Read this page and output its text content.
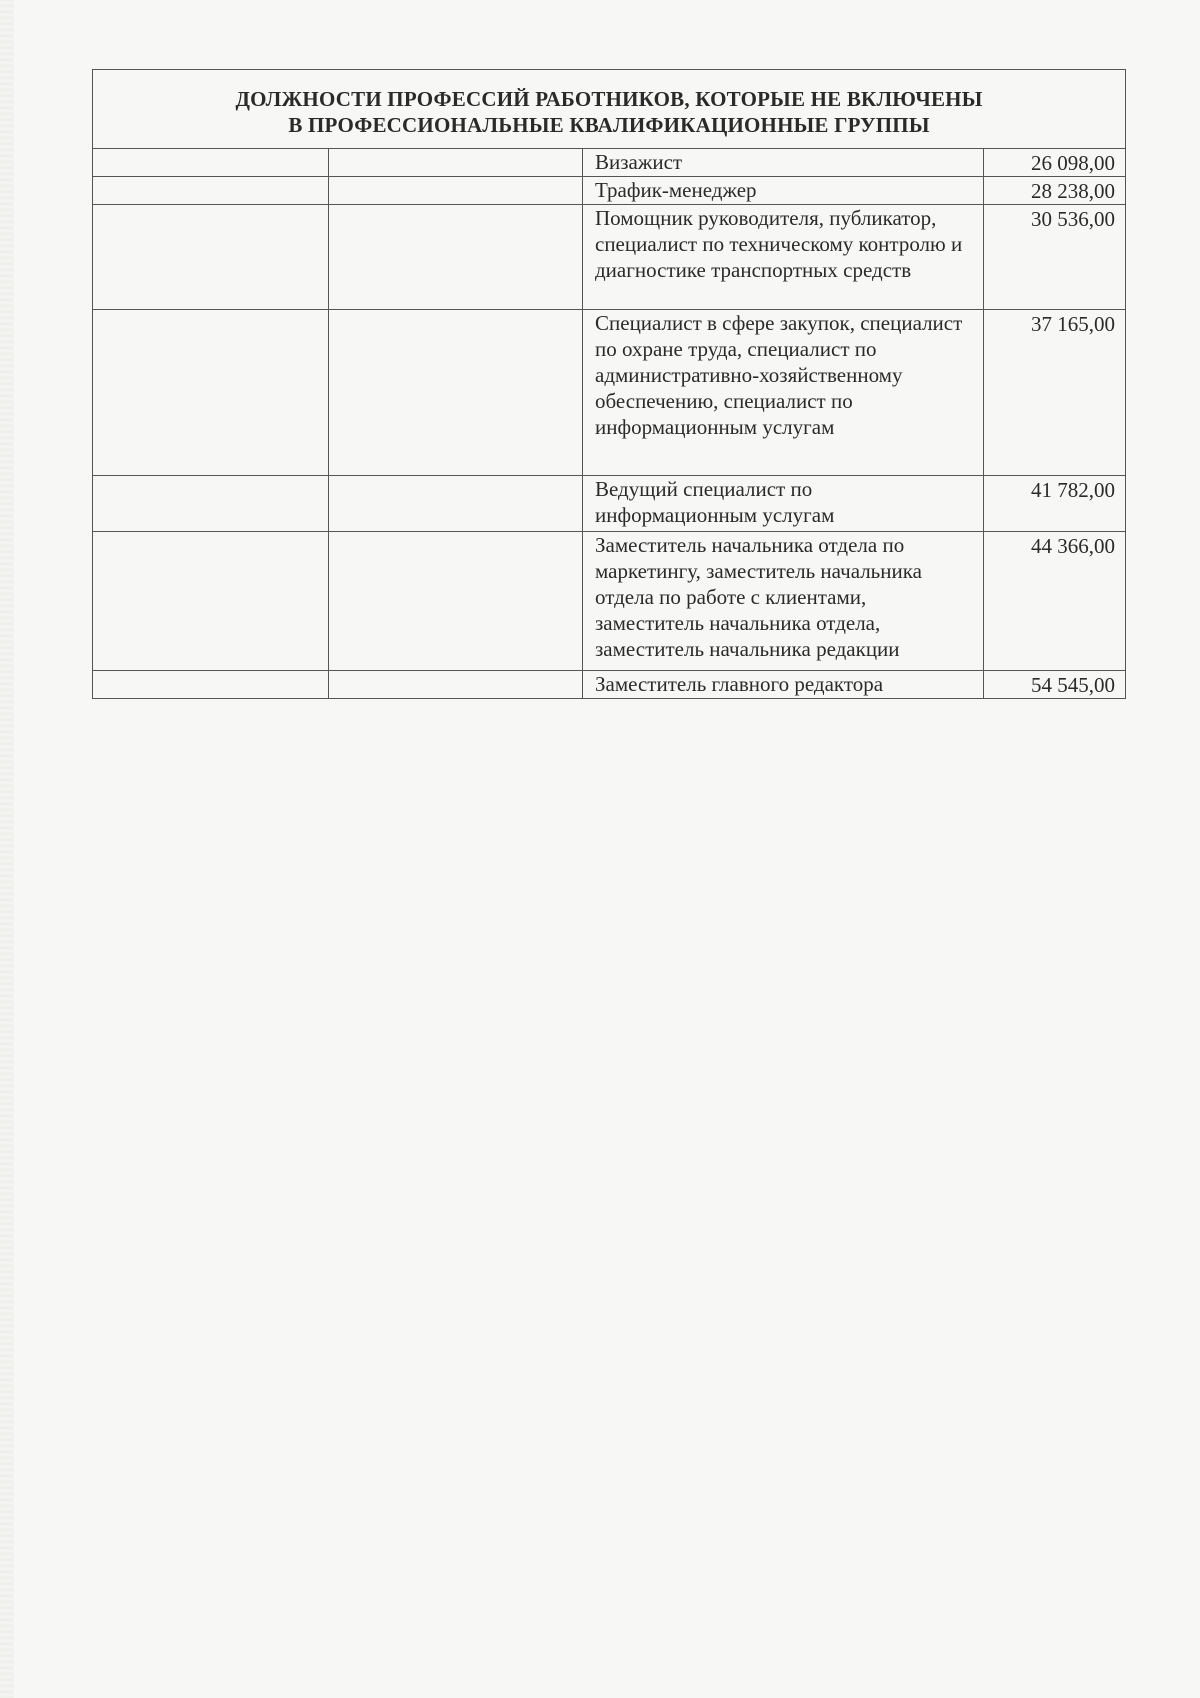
ДОЛЖНОСТИ ПРОФЕССИЙ РАБОТНИКОВ, КОТОРЫЕ НЕ ВКЛЮЧЕНЫ
В ПРОФЕССИОНАЛЬНЫЕ КВАЛИФИКАЦИОННЫЕ ГРУППЫ			

		Визажист	26 098,00
		Трафик-менеджер	28 238,00
		Помощник руководителя, публикатор, специалист по техническому контролю и диагностике транспортных средств	30 536,00
		Специалист в сфере закупок, специалист по охране труда, специалист по административно-хозяйственному обеспечению, специалист по информационным услугам	37 165,00
		Ведущий специалист по информационным услугам	41 782,00
		Заместитель начальника отдела по маркетингу, заместитель начальника отдела по работе с клиентами, заместитель начальника отдела, заместитель начальника редакции	44 366,00
		Заместитель главного редактора	54 545,00
